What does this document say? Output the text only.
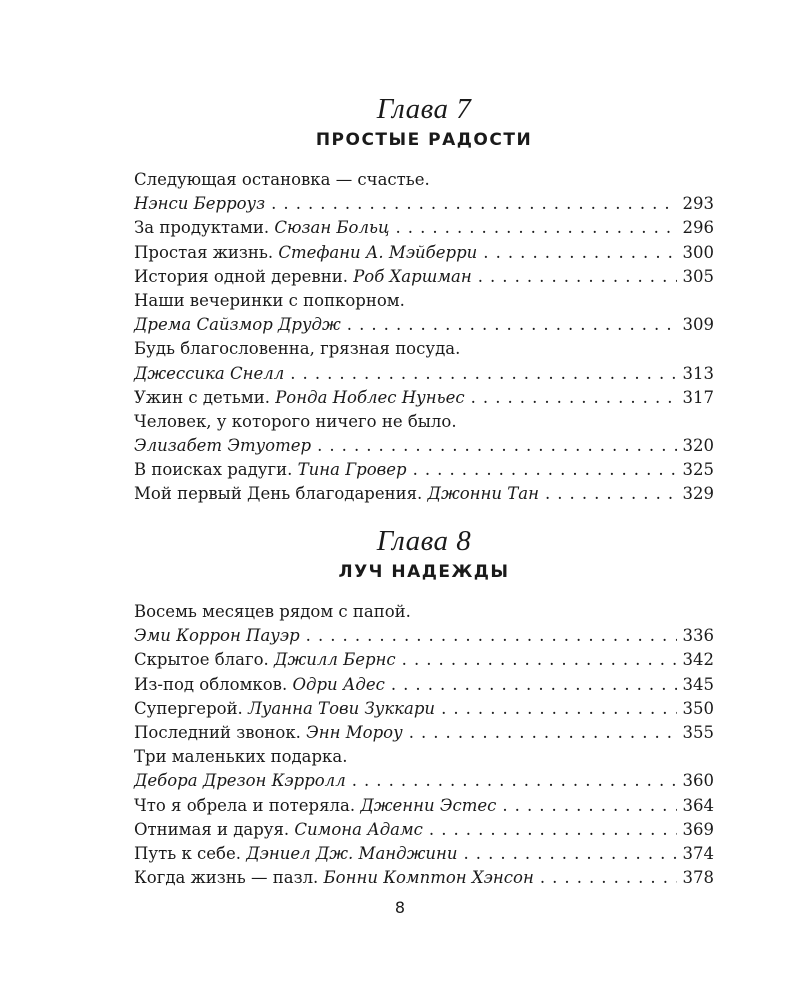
Глава 7
ПРОСТЫЕ РАДОСТИ
Следующая остановка — счастье.
Нэнси Берроуз . . .	293
За продуктами. Сюзан Больц . . .	296
Простая жизнь. Стефани А. Мэйберри . . .	300
История одной деревни. Роб Харшман . . .	305
Наши вечеринки с попкорном.
Дрема Сайзмор Друдж . . .	309
Будь благословенна, грязная посуда.
Джессика Снелл . . .	313
Ужин с детьми. Ронда Ноблес Нуньес . . .	317
Человек, у которого ничего не было.
Элизабет Этуотер . . .	320
В поисках радуги. Тина Гровер . . .	325
Мой первый День благодарения. Джонни Тан . . .	329
Глава 8
ЛУЧ НАДЕЖДЫ
Восемь месяцев рядом с папой.
Эми Коррон Пауэр . . .	336
Скрытое благо. Джилл Бернс . . .	342
Из-под обломков. Одри Адес . . .	345
Супергерой. Луанна Тови Зуккари . . .	350
Последний звонок. Энн Мороу . . .	355
Три маленьких подарка.
Дебора Дрезон Кэрролл . . .	360
Что я обрела и потеряла. Дженни Эстес . . .	364
Отнимая и даруя. Симона Адамс . . .	369
Путь к себе. Дэниел Дж. Манджини . . .	374
Когда жизнь — пазл. Бонни Комптон Хэнсон . . .	378
8
